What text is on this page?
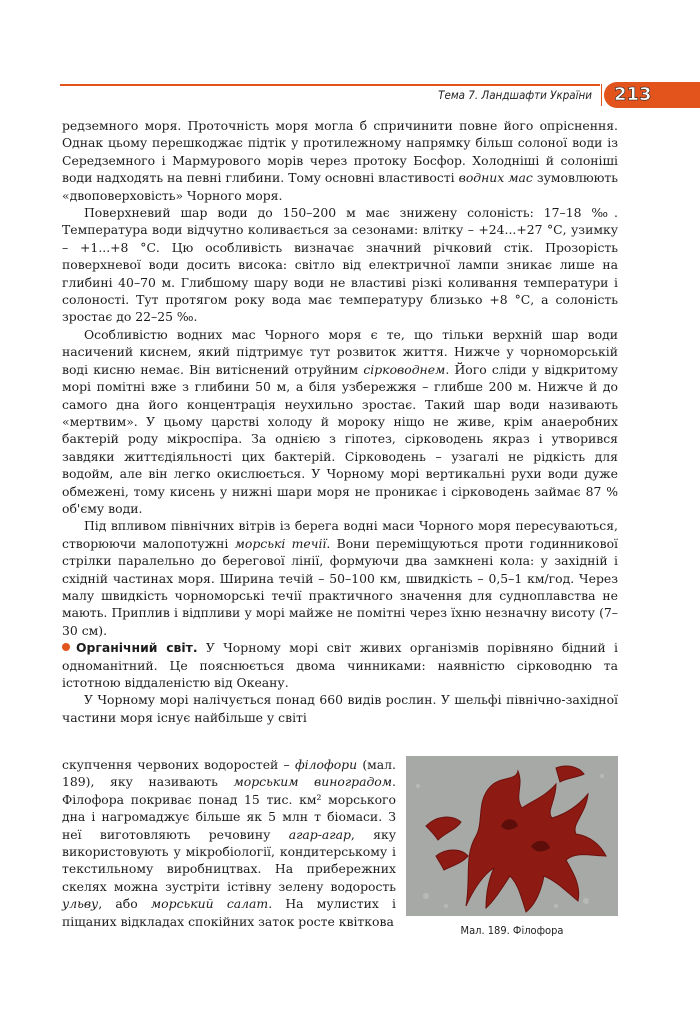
Тема 7. Ландшафти України 213

редземного моря. Проточність моря могла б спричинити повне його опріснення. Однак цьому перешкоджає підтік у протилежному напрямку більш солоної води із Середземного і Мармурового морів через протоку Босфор. Холодніші й солоніші води надходять на певні глибини. Тому основні властивості водних мас зумовлюють «двоповерховість» Чорного моря.

Поверхневий шар води до 150–200 м має знижену солоність: 17–18 ‰. Температура води відчутно коливається за сезонами: влітку – +24...+27 °С, узимку – +1...+8 °С. Цю особливість визначає значний річковий стік. Прозорість поверхневої води досить висока: світло від електричної лампи зникає лише на глибині 40–70 м. Глибшому шару води не властиві різкі коливання температури і солоності. Тут протягом року вода має температуру близько +8 °С, а солоність зростає до 22–25 ‰.

Особливістю водних мас Чорного моря є те, що тільки верхній шар води насичений киснем, який підтримує тут розвиток життя. Нижче у чорноморській воді кисню немає. Він витіснений отруйним сірководнем. Його сліди у відкритому морі помітні вже з глибини 50 м, а біля узбережжя – глибше 200 м. Нижче й до самого дна його концентрація неухильно зростає. Такий шар води називають «мертвим». У цьому царстві холоду й мороку ніщо не живе, крім анаеробних бактерій роду мікроспіра. За однією з гіпотез, сірководень якраз і утворився завдяки життєдіяльності цих бактерій. Сірководень – узагалі не рідкість для водойм, але він легко окислюється. У Чорному морі вертикальні рухи води дуже обмежені, тому кисень у нижні шари моря не проникає і сірководень займає 87 % об'єму води.

Під впливом північних вітрів із берега водні маси Чорного моря пересуваються, створюючи малопотужні морські течії. Вони переміщуються проти годинникової стрілки паралельно до берегової лінії, формуючи два замкнені кола: у західній і східній частинах моря. Ширина течій – 50–100 км, швидкість – 0,5–1 км/год. Через малу швидкість чорноморські течії практичного значення для судноплавства не мають. Приплив і відпливи у морі майже не помітні через їхню незначну висоту (7–30 см).

Органічний світ. У Чорному морі світ живих організмів порівняно бідний і одноманітний. Це пояснюється двома чинниками: наявністю сірководню та істотною віддаленістю від Океану.

У Чорному морі налічується понад 660 видів рослин. У шельфі північно-західної частини моря існує найбільше у світі

скупчення червоних водоростей – філофори (мал. 189), яку називають морським виноградом. Філофора покриває понад 15 тис. км² морського дна і нагромаджує більше як 5 млн т біомаси. З неї виготовляють речовину агар-агар, яку використовують у мікробіології, кондитерському і текстильному виробництвах. На прибережних скелях можна зустріти істівну зелену водорость ульву, або морський салат. На мулистих і піщаних відкладах спокійних заток росте квіткова

Мал. 189. Філофора
